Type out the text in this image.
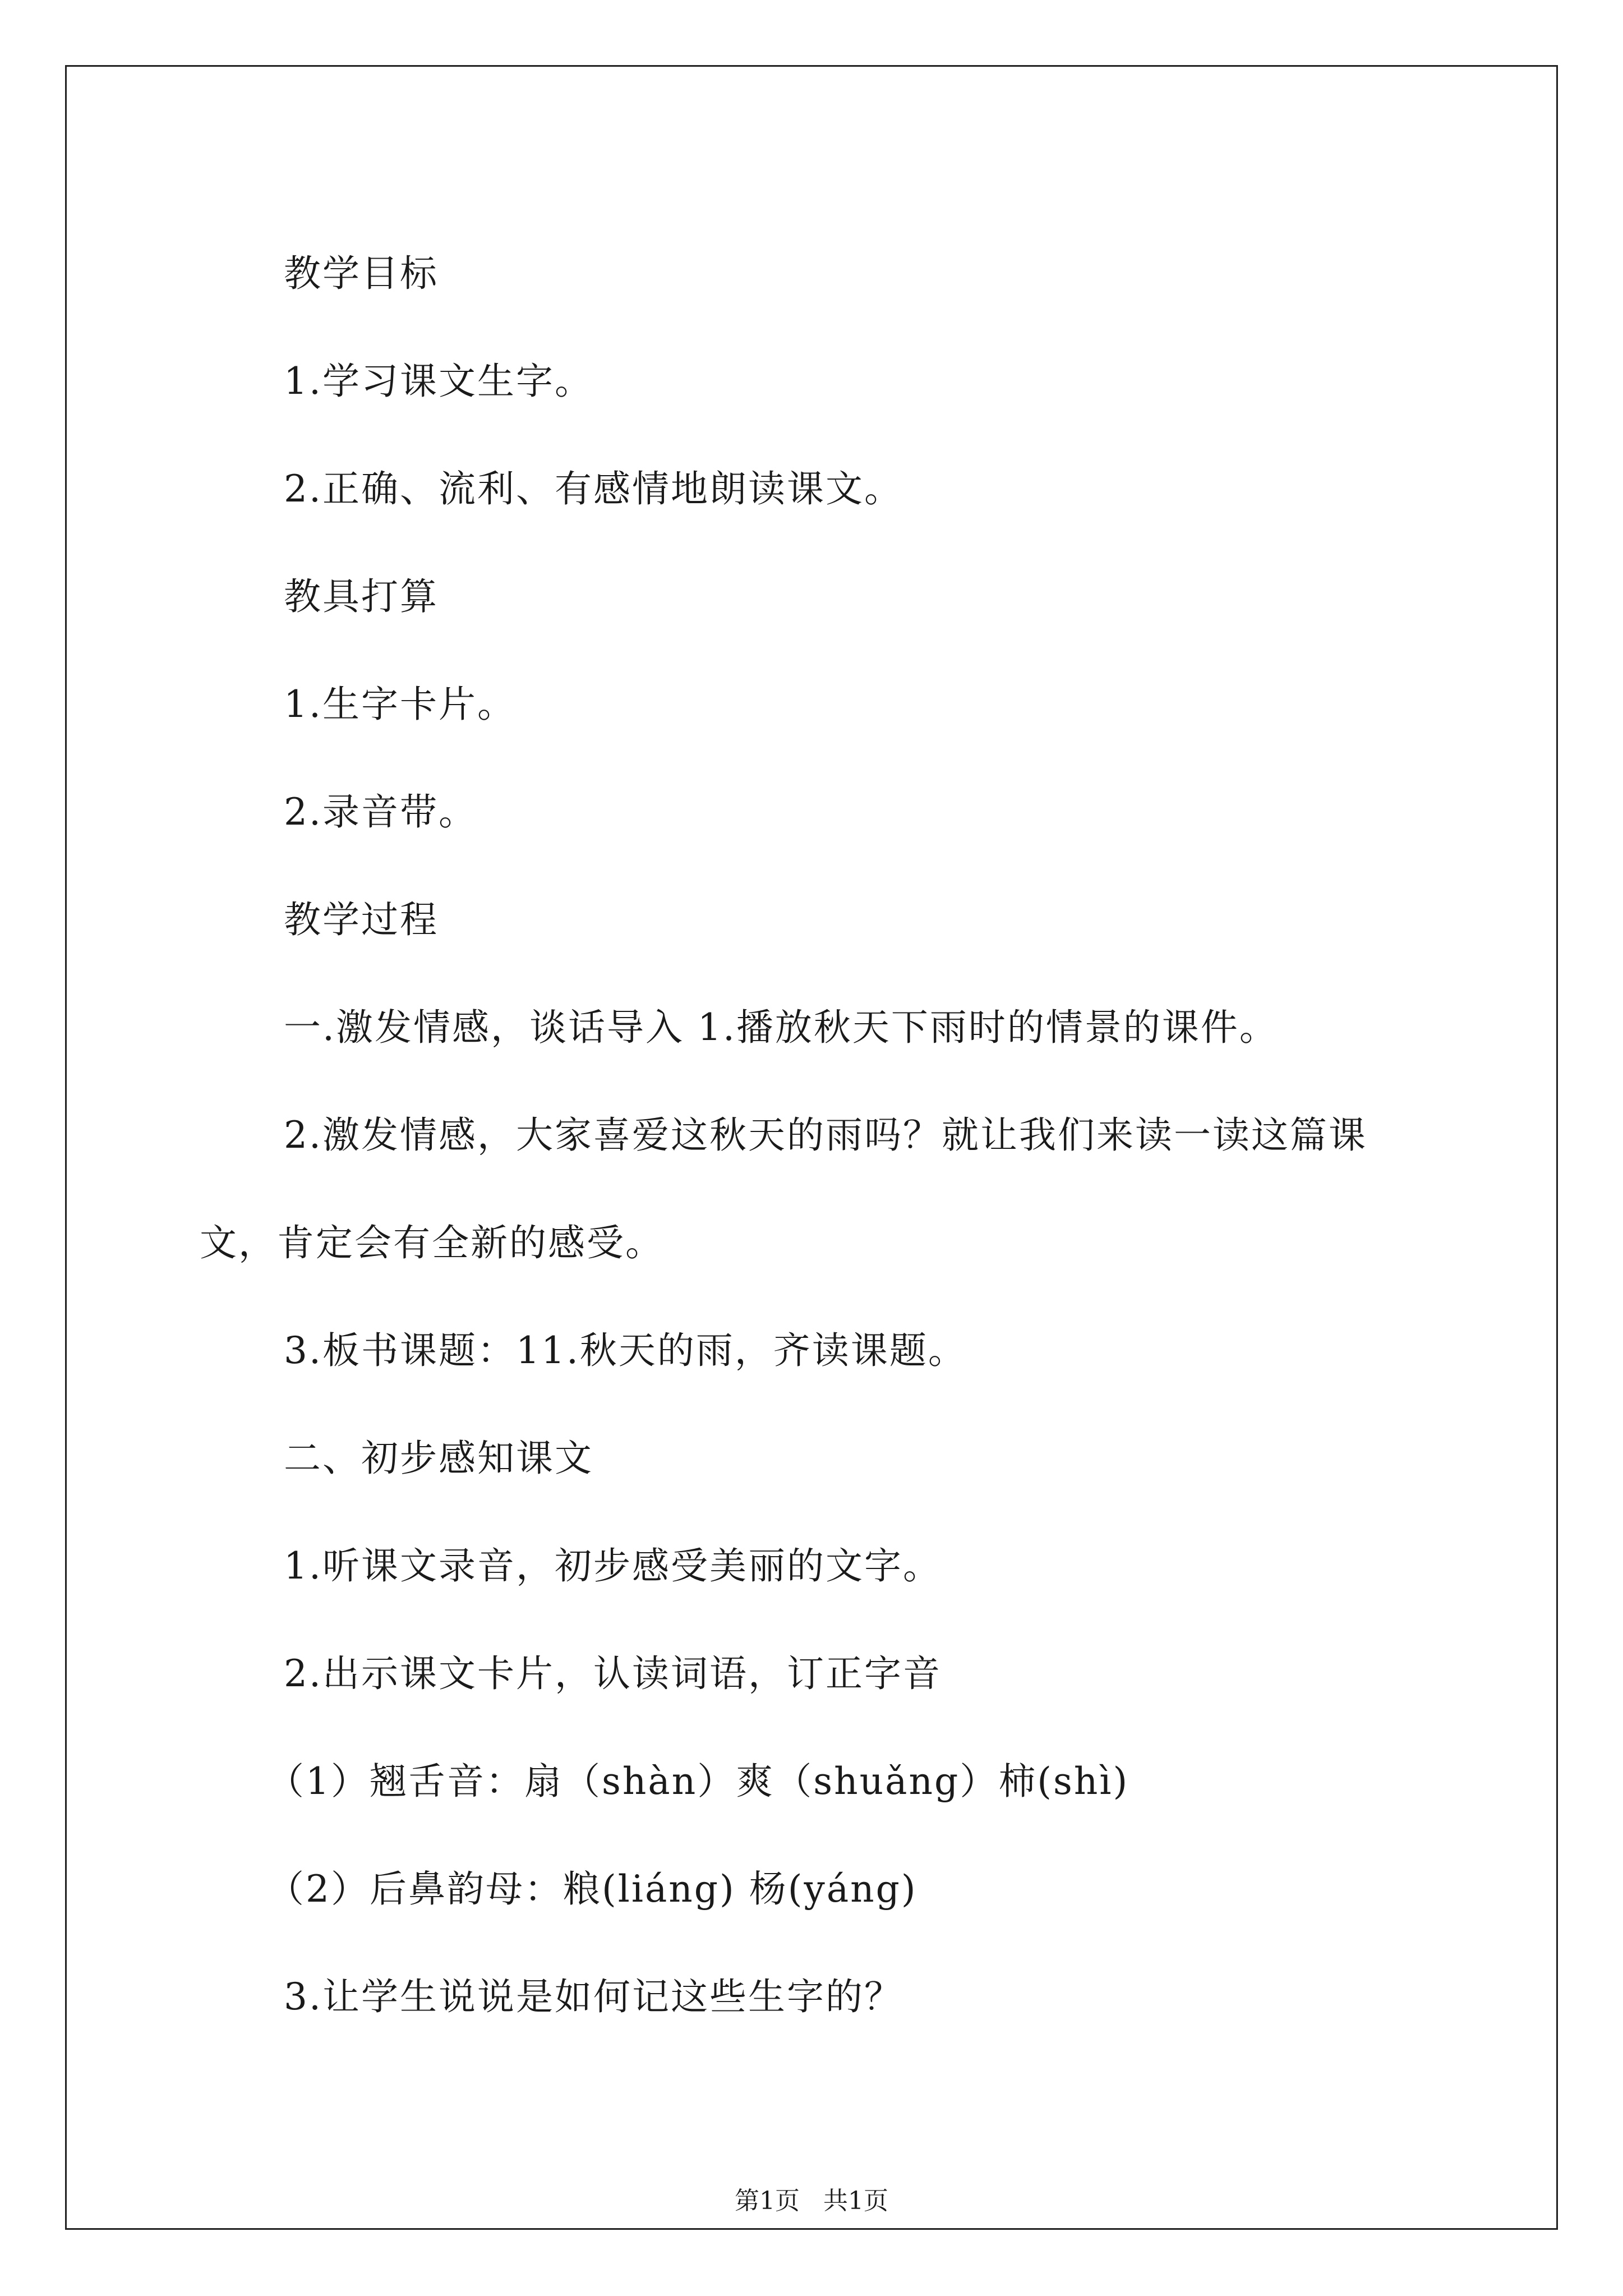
教学目标
1.学习课文生字。
2.正确、流利、有感情地朗读课文。
教具打算
1.生字卡片。
2.录音带。
教学过程
一.激发情感，谈话导入 1.播放秋天下雨时的情景的课件。
2.激发情感，大家喜爱这秋天的雨吗？就让我们来读一读这篇课
文，肯定会有全新的感受。
3.板书课题：11.秋天的雨，齐读课题。
二、初步感知课文
1.听课文录音，初步感受美丽的文字。
2.出示课文卡片，认读词语，订正字音
（1）翘舌音：扇（shàn）爽（shuǎng）柿(shì)
（2）后鼻韵母：粮(liáng) 杨(yáng)
3.让学生说说是如何记这些生字的？
第1页   共1页
